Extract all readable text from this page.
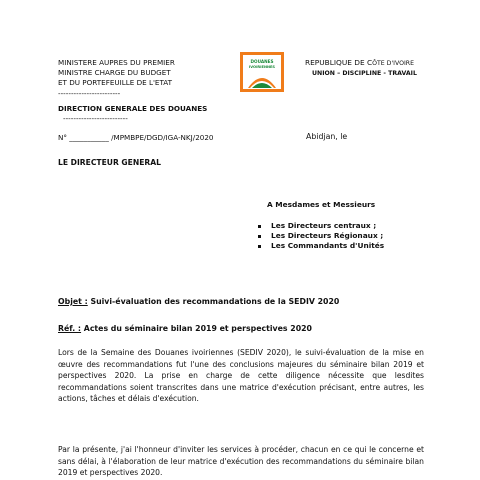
MINISTERE AUPRES DU PREMIER
MINISTRE CHARGE DU BUDGET
ET DU PORTEFEUILLE DE L'ETAT
------------------------
DIRECTION GENERALE DES DOUANES
-------------------------
N° ___________ /MPMBPE/DGD/IGA-NKJ/2020
DOUANES
IVOIRIENNES	REPUBLIQUE DE CÔTE D'IVOIRE
UNION – DISCIPLINE - TRAVAIL
Abidjan, le
LE DIRECTEUR GENERAL
A Mesdames et Messieurs
Les Directeurs centraux ;
Les Directeurs Régionaux ;
Les Commandants d'Unités
Objet : Suivi-évaluation des recommandations de la SEDIV 2020
Réf. : Actes du séminaire bilan 2019 et perspectives 2020
Lors de la Semaine des Douanes ivoiriennes (SEDIV 2020), le suivi-évaluation de la mise en œuvre des recommandations fut l'une des conclusions majeures du séminaire bilan 2019 et perspectives 2020. La prise en charge de cette diligence nécessite que lesdites recommandations soient transcrites dans une matrice d'exécution précisant, entre autres, les actions, tâches et délais d'exécution.
Par la présente, j'ai l'honneur d'inviter les services à procéder, chacun en ce qui le concerne et sans délai, à l'élaboration de leur matrice d'exécution des recommandations du séminaire bilan 2019 et perspectives 2020.
